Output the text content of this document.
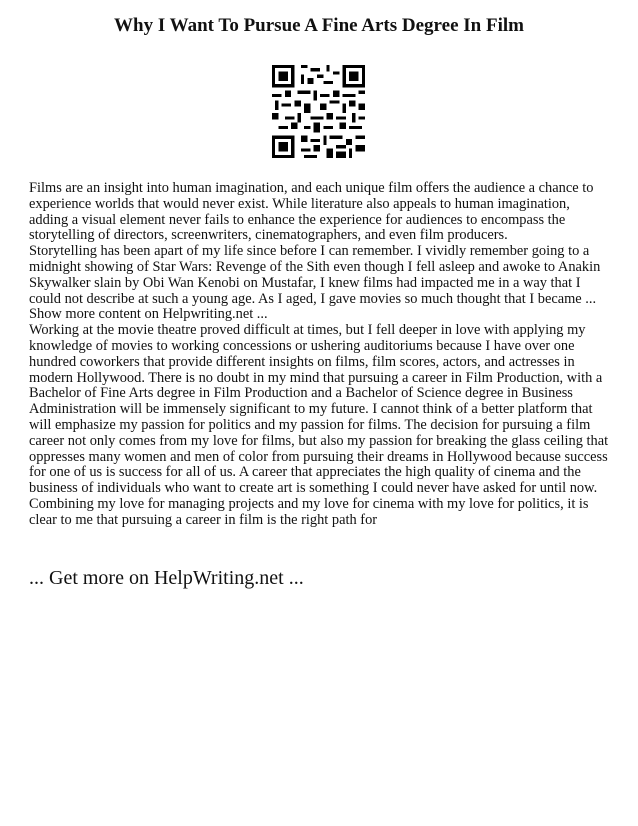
Why I Want To Pursue A Fine Arts Degree In Film

Films are an insight into human imagination, and each unique film offers the audience a chance to experience worlds that would never exist. While literature also appeals to human imagination, adding a visual element never fails to enhance the experience for audiences to encompass the storytelling of directors, screenwriters, cinematographers, and even film producers.

Storytelling has been apart of my life since before I can remember. I vividly remember going to a midnight showing of Star Wars: Revenge of the Sith even though I fell asleep and awoke to Anakin Skywalker slain by Obi Wan Kenobi on Mustafar, I knew films had impacted me in a way that I could not describe at such a young age. As I aged, I gave movies so much thought that I became ... Show more content on Helpwriting.net ...

Working at the movie theatre proved difficult at times, but I fell deeper in love with applying my knowledge of movies to working concessions or ushering auditoriums because I have over one hundred coworkers that provide different insights on films, film scores, actors, and actresses in modern Hollywood. There is no doubt in my mind that pursuing a career in Film Production, with a Bachelor of Fine Arts degree in Film Production and a Bachelor of Science degree in Business Administration will be immensely significant to my future. I cannot think of a better platform that will emphasize my passion for politics and my passion for films. The decision for pursuing a film career not only comes from my love for films, but also my passion for breaking the glass ceiling that oppresses many women and men of color from pursuing their dreams in Hollywood because success for one of us is success for all of us. A career that appreciates the high quality of cinema and the business of individuals who want to create art is something I could never have asked for until now. Combining my love for managing projects and my love for cinema with my love for politics, it is clear to me that pursuing a career in film is the right path for

... Get more on HelpWriting.net ...
